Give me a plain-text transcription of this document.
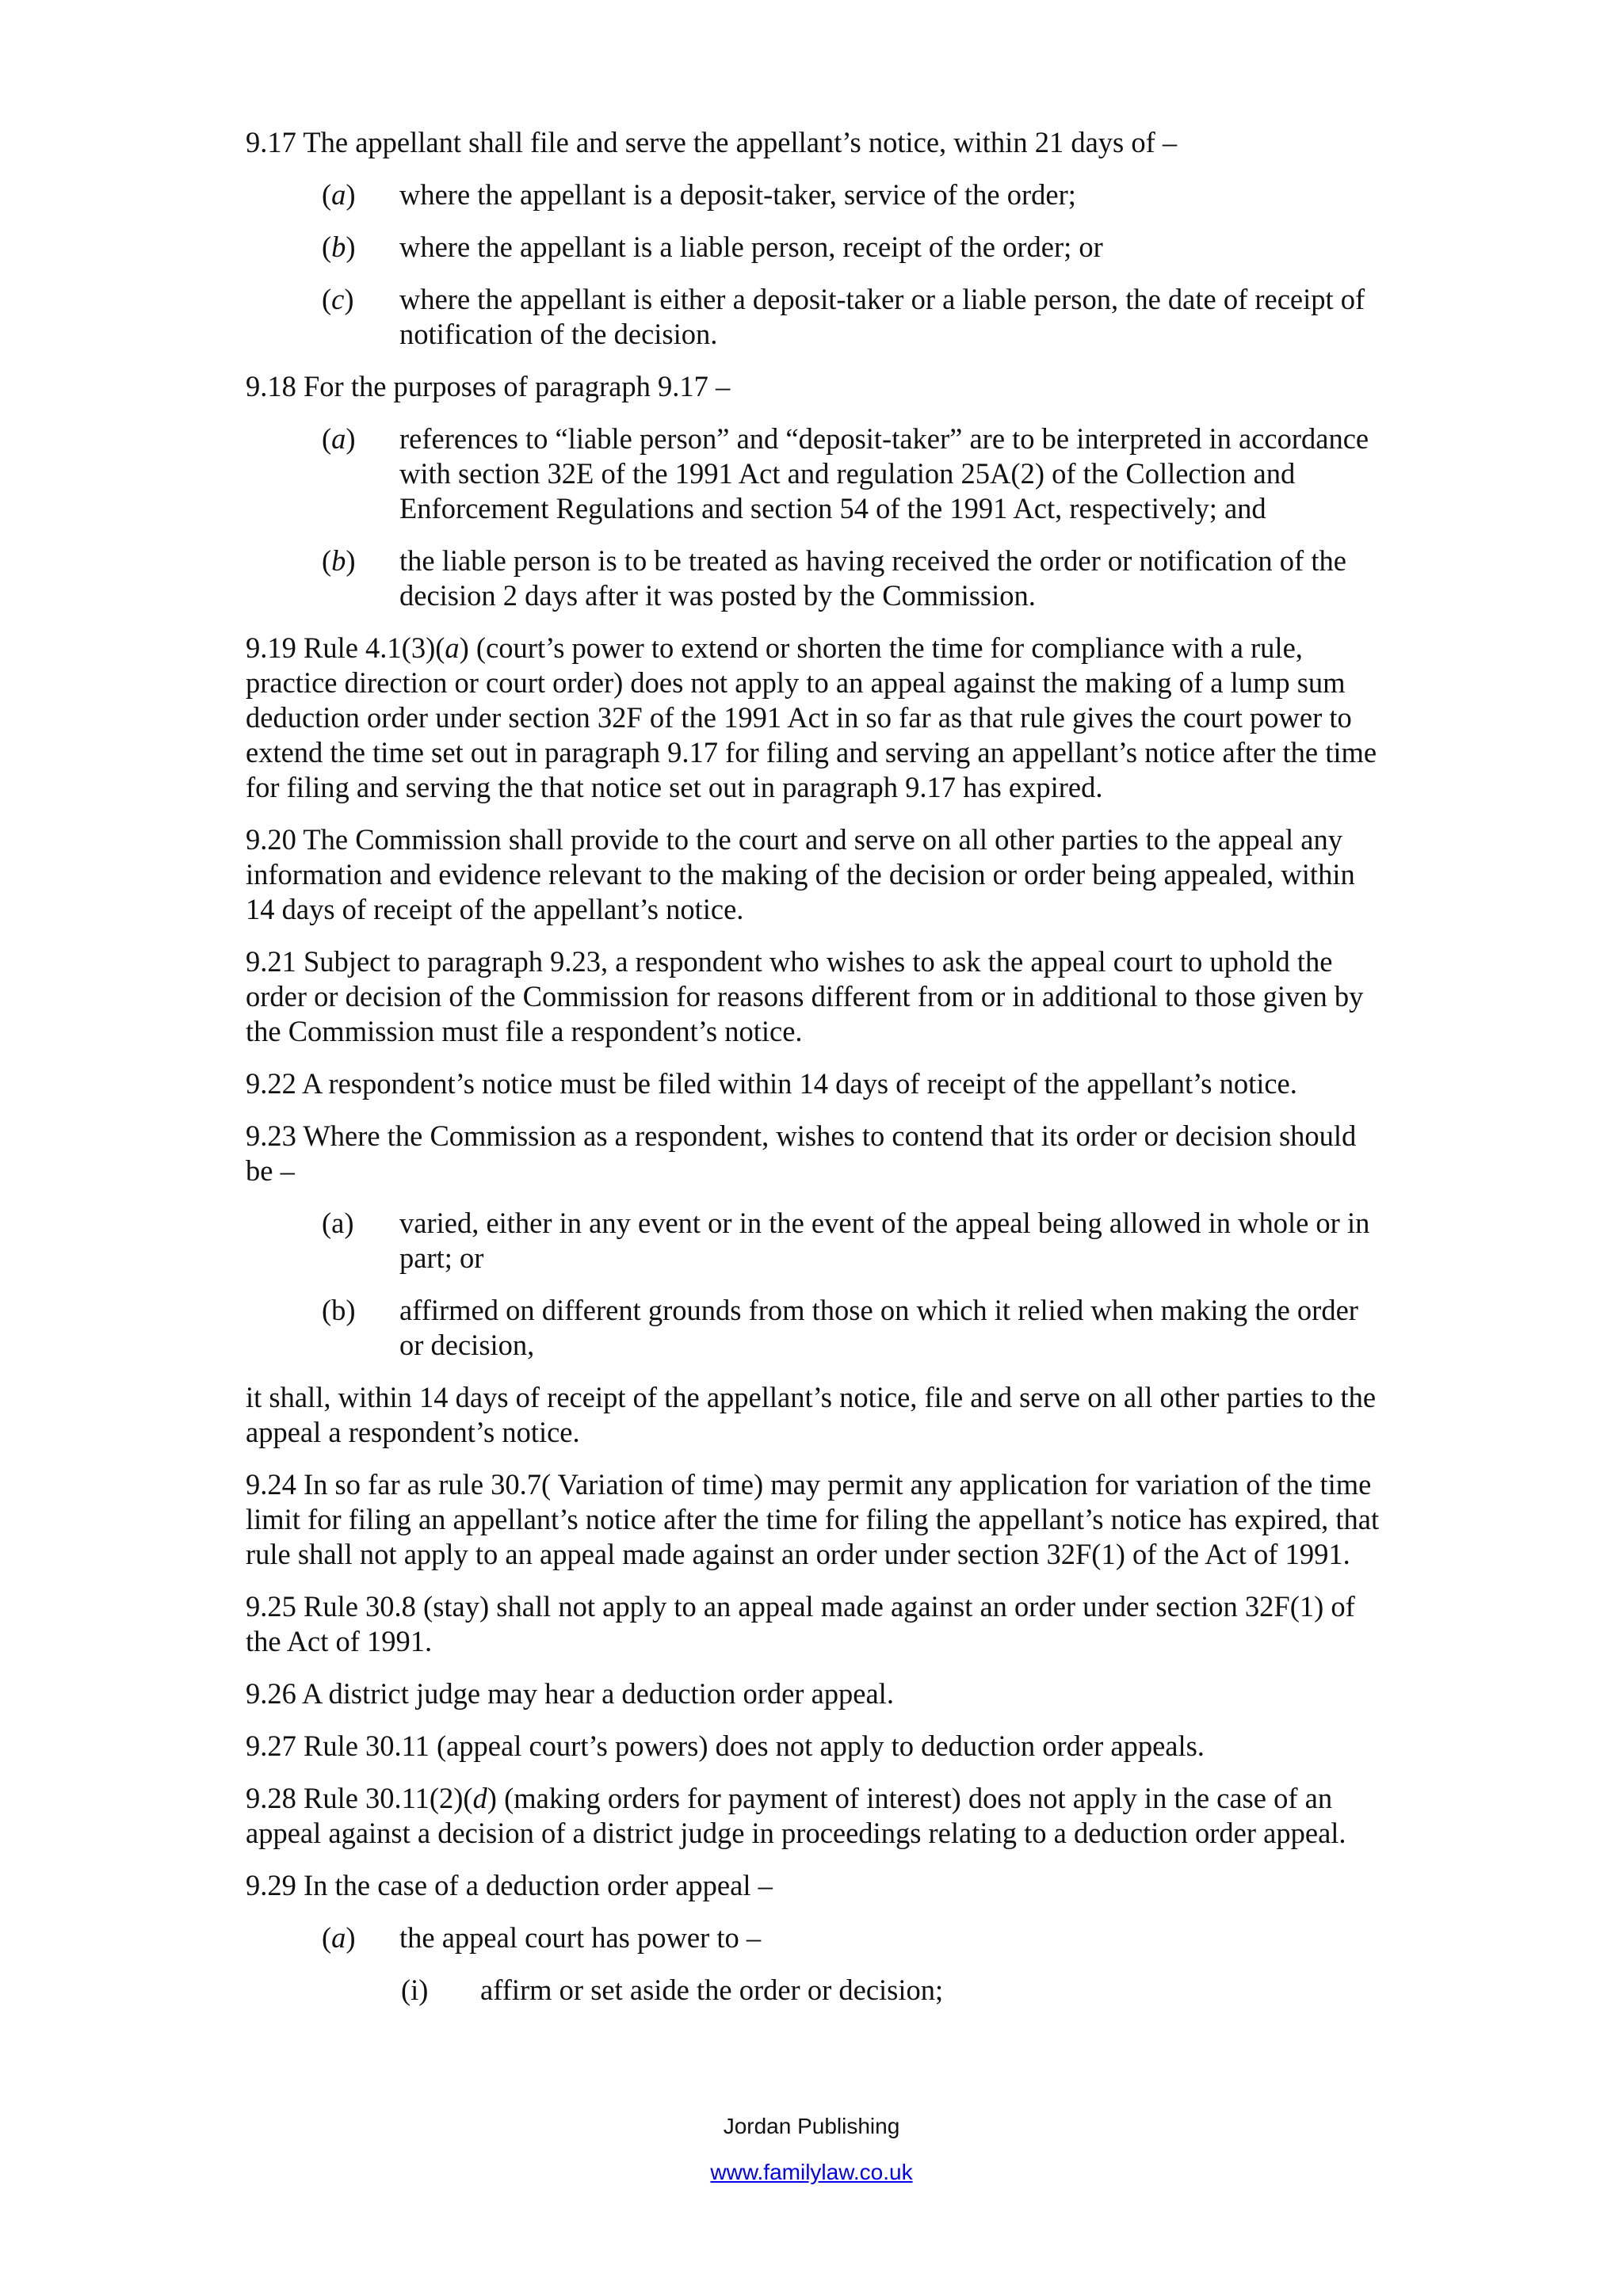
9.17 The appellant shall file and serve the appellant’s notice, within 21 days of –

(a)	where the appellant is a deposit-taker, service of the order;
(b)	where the appellant is a liable person, receipt of the order; or
(c)	where the appellant is either a deposit-taker or a liable person, the date of receipt of notification of the decision.

9.18 For the purposes of paragraph 9.17 –

(a)	references to “liable person” and “deposit-taker” are to be interpreted in accordance with section 32E of the 1991 Act and regulation 25A(2) of the Collection and Enforcement Regulations and section 54 of the 1991 Act, respectively; and
(b)	the liable person is to be treated as having received the order or notification of the decision 2 days after it was posted by the Commission.

9.19 Rule 4.1(3)(a) (court’s power to extend or shorten the time for compliance with a rule, practice direction or court order) does not apply to an appeal against the making of a lump sum deduction order under section 32F of the 1991 Act in so far as that rule gives the court power to extend the time set out in paragraph 9.17 for filing and serving an appellant’s notice after the time for filing and serving the that notice set out in paragraph 9.17 has expired.

9.20 The Commission shall provide to the court and serve on all other parties to the appeal any information and evidence relevant to the making of the decision or order being appealed, within 14 days of receipt of the appellant’s notice.

9.21 Subject to paragraph 9.23, a respondent who wishes to ask the appeal court to uphold the order or decision of the Commission for reasons different from or in additional to those given by the Commission must file a respondent’s notice.

9.22 A respondent’s notice must be filed within 14 days of receipt of the appellant’s notice.

9.23 Where the Commission as a respondent, wishes to contend that its order or decision should be –

(a)	varied, either in any event or in the event of the appeal being allowed in whole or in part; or
(b)	affirmed on different grounds from those on which it relied when making the order or decision,

it shall, within 14 days of receipt of the appellant’s notice, file and serve on all other parties to the appeal a respondent’s notice.

9.24 In so far as rule 30.7( Variation of time) may permit any application for variation of the time limit for filing an appellant’s notice after the time for filing the appellant’s notice has expired, that rule shall not apply to an appeal made against an order under section 32F(1) of the Act of 1991.

9.25 Rule 30.8 (stay) shall not apply to an appeal made against an order under section 32F(1) of the Act of 1991.

9.26 A district judge may hear a deduction order appeal.

9.27 Rule 30.11 (appeal court’s powers) does not apply to deduction order appeals.

9.28 Rule 30.11(2)(d) (making orders for payment of interest) does not apply in the case of an appeal against a decision of a district judge in proceedings relating to a deduction order appeal.

9.29 In the case of a deduction order appeal –

(a)	the appeal court has power to –
(i)	affirm or set aside the order or decision;
Jordan Publishing
www.familylaw.co.uk
